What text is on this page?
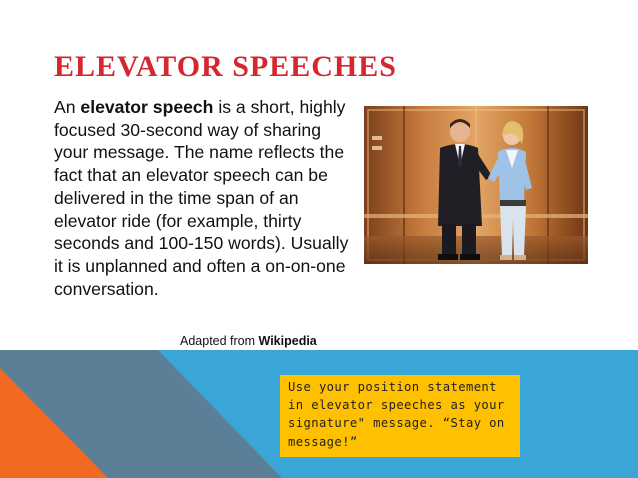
ELEVATOR SPEECHES
An elevator speech is a short, highly focused 30-second way of sharing your message. The name reflects the fact that an elevator speech can be delivered in the time span of an elevator ride (for example, thirty seconds and 100-150 words). Usually it is unplanned and often a on-on-one conversation.
Adapted from Wikipedia
Use your position statement in elevator speeches as your signature" message. “Stay on message!”
